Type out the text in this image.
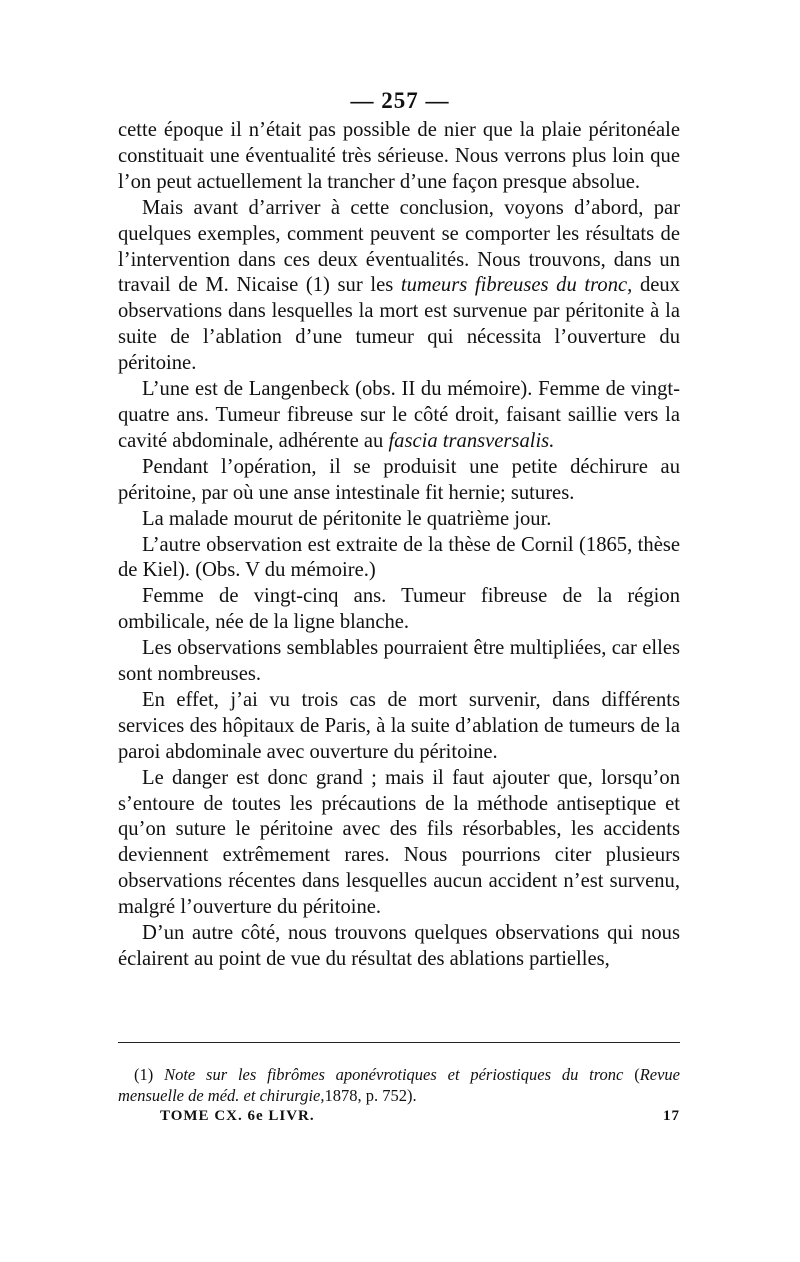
— 257 —

cette époque il n’était pas possible de nier que la plaie péritonéale constituait une éventualité très sérieuse. Nous verrons plus loin que l’on peut actuellement la trancher d’une façon presque absolue.

Mais avant d’arriver à cette conclusion, voyons d’abord, par quelques exemples, comment peuvent se comporter les résultats de l’intervention dans ces deux éventualités. Nous trouvons, dans un travail de M. Nicaise (1) sur les tumeurs fibreuses du tronc, deux observations dans lesquelles la mort est survenue par péritonite à la suite de l’ablation d’une tumeur qui nécessita l’ouverture du péritoine.

L’une est de Langenbeck (obs. II du mémoire). Femme de vingt-quatre ans. Tumeur fibreuse sur le côté droit, faisant saillie vers la cavité abdominale, adhérente au fascia transversalis.

Pendant l’opération, il se produisit une petite déchirure au péritoine, par où une anse intestinale fit hernie; sutures.

La malade mourut de péritonite le quatrième jour.

L’autre observation est extraite de la thèse de Cornil (1865, thèse de Kiel). (Obs. V du mémoire.)

Femme de vingt-cinq ans. Tumeur fibreuse de la région ombilicale, née de la ligne blanche.

Les observations semblables pourraient être multipliées, car elles sont nombreuses.

En effet, j’ai vu trois cas de mort survenir, dans différents services des hôpitaux de Paris, à la suite d’ablation de tumeurs de la paroi abdominale avec ouverture du péritoine.

Le danger est donc grand ; mais il faut ajouter que, lorsqu’on s’entoure de toutes les précautions de la méthode antiseptique et qu’on suture le péritoine avec des fils résorbables, les accidents deviennent extrêmement rares. Nous pourrions citer plusieurs observations récentes dans lesquelles aucun accident n’est survenu, malgré l’ouverture du péritoine.

D’un autre côté, nous trouvons quelques observations qui nous éclairent au point de vue du résultat des ablations partielles,

(1) Note sur les fibrômes aponévrotiques et périostiques du tronc (Revue mensuelle de méd. et chirurgie,1878, p. 752).
TOME CX. 6e LIVR.	17
